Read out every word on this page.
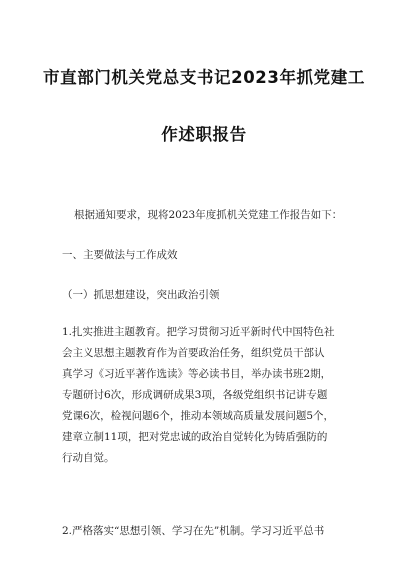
市直部门机关党总支书记2023年抓党建工
作述职报告
根据通知要求，现将2023年度抓机关党建工作报告如下：
一、主要做法与工作成效
（一）抓思想建设，突出政治引领
1.扎实推进主题教育。把学习贯彻习近平新时代中国特色社
会主义思想主题教育作为首要政治任务，组织党员干部认
真学习《习近平著作选读》等必读书目，举办读书班2期，
专题研讨6次，形成调研成果3项，各级党组织书记讲专题
党课6次，检视问题6个，推动本领域高质量发展问题5个，
建章立制11项，把对党忠诚的政治自觉转化为铸盾强防的
行动自觉。
2.严格落实“思想引领、学习在先”机制。学习习近平总书
